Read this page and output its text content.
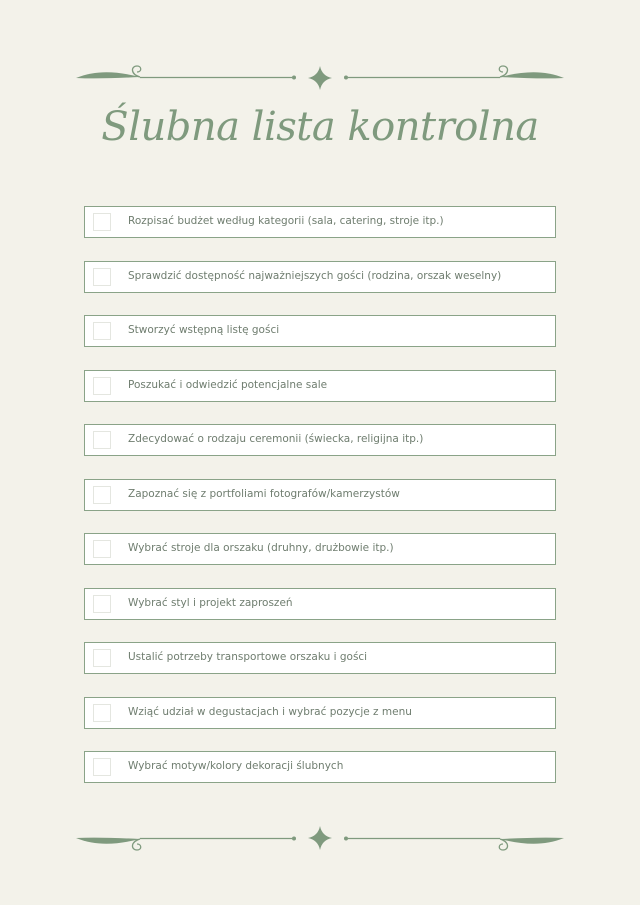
Ślubna lista kontrolna
Rozpisać budżet według kategorii (sala, catering, stroje itp.)
Sprawdzić dostępność najważniejszych gości (rodzina, orszak weselny)
Stworzyć wstępną listę gości
Poszukać i odwiedzić potencjalne sale
Zdecydować o rodzaju ceremonii (świecka, religijna itp.)
Zapoznać się z portfoliami fotografów/kamerzystów
Wybrać stroje dla orszaku (druhny, drużbowie itp.)
Wybrać styl i projekt zaproszeń
Ustalić potrzeby transportowe orszaku i gości
Wziąć udział w degustacjach i wybrać pozycje z menu
Wybrać motyw/kolory dekoracji ślubnych
